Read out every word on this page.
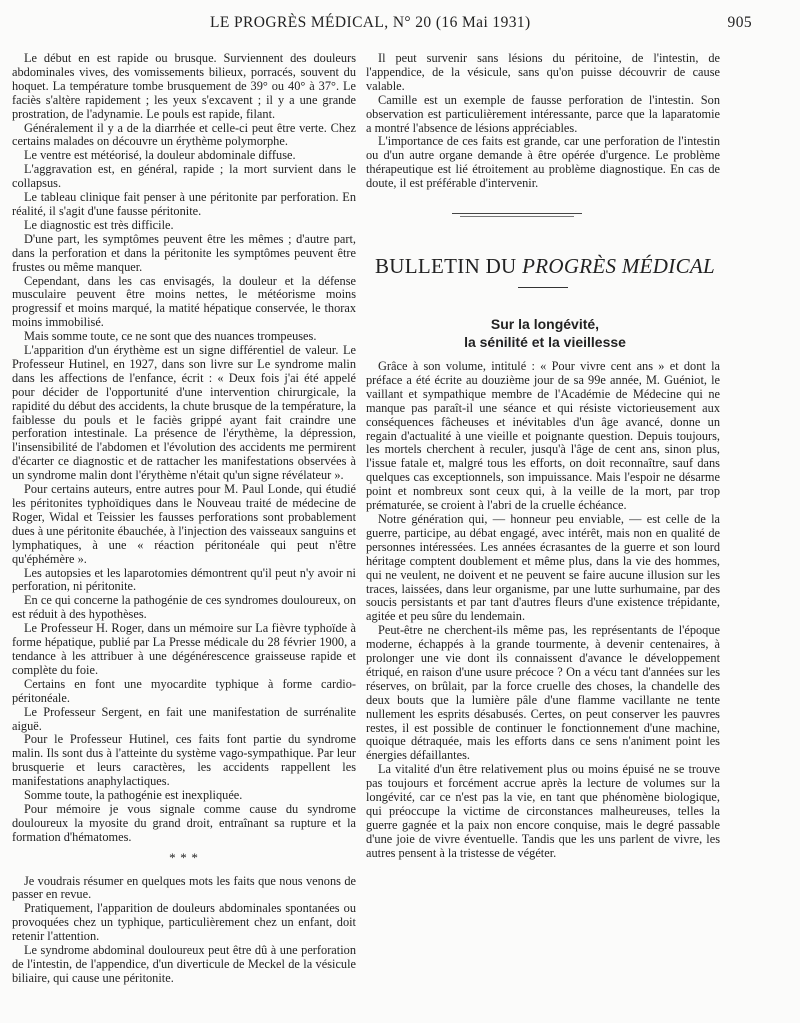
LE PROGRÈS MÉDICAL, N° 20 (16 Mai 1931)	905

Le début en est rapide ou brusque. Surviennent des douleurs abdominales vives, des vomissements bilieux, porracés, souvent du hoquet. La température tombe brusquement de 39° ou 40° à 37°. Le faciès s'altère rapidement ; les yeux s'excavent ; il y a une grande prostration, de l'adynamie. Le pouls est rapide, filant.

Généralement il y a de la diarrhée et celle-ci peut être verte. Chez certains malades on découvre un érythème polymorphe.

Le ventre est météorisé, la douleur abdominale diffuse.

L'aggravation est, en général, rapide ; la mort survient dans le collapsus.

Le tableau clinique fait penser à une péritonite par perforation. En réalité, il s'agit d'une fausse péritonite.

Le diagnostic est très difficile.

D'une part, les symptômes peuvent être les mêmes ; d'autre part, dans la perforation et dans la péritonite les symptômes peuvent être frustes ou même manquer.

Cependant, dans les cas envisagés, la douleur et la défense musculaire peuvent être moins nettes, le météorisme moins progressif et moins marqué, la matité hépatique conservée, le thorax moins immobilisé.

Mais somme toute, ce ne sont que des nuances trompeuses.

L'apparition d'un érythème est un signe différentiel de valeur. Le Professeur Hutinel, en 1927, dans son livre sur Le syndrome malin dans les affections de l'enfance, écrit : « Deux fois j'ai été appelé pour décider de l'opportunité d'une intervention chirurgicale, la rapidité du début des accidents, la chute brusque de la température, la faiblesse du pouls et le faciès grippé ayant fait craindre une perforation intestinale. La présence de l'érythème, la dépression, l'insensibilité de l'abdomen et l'évolution des accidents me permirent d'écarter ce diagnostic et de rattacher les manifestations observées à un syndrome malin dont l'érythème n'était qu'un signe révélateur ».

Pour certains auteurs, entre autres pour M. Paul Londe, qui étudié les péritonites typhoïdiques dans le Nouveau traité de médecine de Roger, Widal et Teissier les fausses perforations sont probablement dues à une péritonite ébauchée, à l'injection des vaisseaux sanguins et lymphatiques, à une « réaction péritonéale qui peut n'être qu'éphémère ».

Les autopsies et les laparotomies démontrent qu'il peut n'y avoir ni perforation, ni péritonite.

En ce qui concerne la pathogénie de ces syndromes douloureux, on est réduit à des hypothèses.

Le Professeur H. Roger, dans un mémoire sur La fièvre typhoïde à forme hépatique, publié par La Presse médicale du 28 février 1900, a tendance à les attribuer à une dégénérescence graisseuse rapide et complète du foie.

Certains en font une myocardite typhique à forme cardio-péritonéale.

Le Professeur Sergent, en fait une manifestation de surrénalite aiguë.

Pour le Professeur Hutinel, ces faits font partie du syndrome malin. Ils sont dus à l'atteinte du système vago-sympathique. Par leur brusquerie et leurs caractères, les accidents rappellent les manifestations anaphylactiques.

Somme toute, la pathogénie est inexpliquée.

Pour mémoire je vous signale comme cause du syndrome douloureux la myosite du grand droit, entraînant sa rupture et la formation d'hématomes.

* * *

Je voudrais résumer en quelques mots les faits que nous venons de passer en revue.

Pratiquement, l'apparition de douleurs abdominales spontanées ou provoquées chez un typhique, particulièrement chez un enfant, doit retenir l'attention.

Le syndrome abdominal douloureux peut être dû à une perforation de l'intestin, de l'appendice, d'un diverticule de Meckel de la vésicule biliaire, qui cause une péritonite.

Il peut survenir sans lésions du péritoine, de l'intestin, de l'appendice, de la vésicule, sans qu'on puisse découvrir de cause valable.

Camille est un exemple de fausse perforation de l'intestin. Son observation est particulièrement intéressante, parce que la laparatomie a montré l'absence de lésions appréciables.

L'importance de ces faits est grande, car une perforation de l'intestin ou d'un autre organe demande à être opérée d'urgence. Le problème thérapeutique est lié étroitement au problème diagnostique. En cas de doute, il est préférable d'intervenir.

BULLETIN DU PROGRÈS MÉDICAL
Sur la longévité,
la sénilité et la vieillesse

Grâce à son volume, intitulé : « Pour vivre cent ans » et dont la préface a été écrite au douzième jour de sa 99e année, M. Guéniot, le vaillant et sympathique membre de l'Académie de Médecine qui ne manque pas paraît-il une séance et qui résiste victorieusement aux conséquences fâcheuses et inévitables d'un âge avancé, donne un regain d'actualité à une vieille et poignante question. Depuis toujours, les mortels cherchent à reculer, jusqu'à l'âge de cent ans, sinon plus, l'issue fatale et, malgré tous les efforts, on doit reconnaître, sauf dans quelques cas exceptionnels, son impuissance. Mais l'espoir ne désarme point et nombreux sont ceux qui, à la veille de la mort, par trop prématurée, se croient à l'abri de la cruelle échéance.

Notre génération qui, — honneur peu enviable, — est celle de la guerre, participe, au débat engagé, avec intérêt, mais non en qualité de personnes intéressées. Les années écrasantes de la guerre et son lourd héritage comptent doublement et même plus, dans la vie des hommes, qui ne veulent, ne doivent et ne peuvent se faire aucune illusion sur les traces, laissées, dans leur organisme, par une lutte surhumaine, par des soucis persistants et par tant d'autres fleurs d'une existence trépidante, agitée et peu sûre du lendemain.

Peut-être ne cherchent-ils même pas, les représentants de l'époque moderne, échappés à la grande tourmente, à devenir centenaires, à prolonger une vie dont ils connaissent d'avance le développement étriqué, en raison d'une usure précoce ? On a vécu tant d'années sur les réserves, on brûlait, par la force cruelle des choses, la chandelle des deux bouts que la lumière pâle d'une flamme vacillante ne tente nullement les esprits désabusés. Certes, on peut conserver les pauvres restes, il est possible de continuer le fonctionnement d'une machine, quoique détraquée, mais les efforts dans ce sens n'animent point les énergies défaillantes.

La vitalité d'un être relativement plus ou moins épuisé ne se trouve pas toujours et forcément accrue après la lecture de volumes sur la longévité, car ce n'est pas la vie, en tant que phénomène biologique, qui préoccupe la victime de circonstances malheureuses, telles la guerre gagnée et la paix non encore conquise, mais le degré passable d'une joie de vivre éventuelle. Tandis que les uns parlent de vivre, les autres pensent à la tristesse de végéter.
